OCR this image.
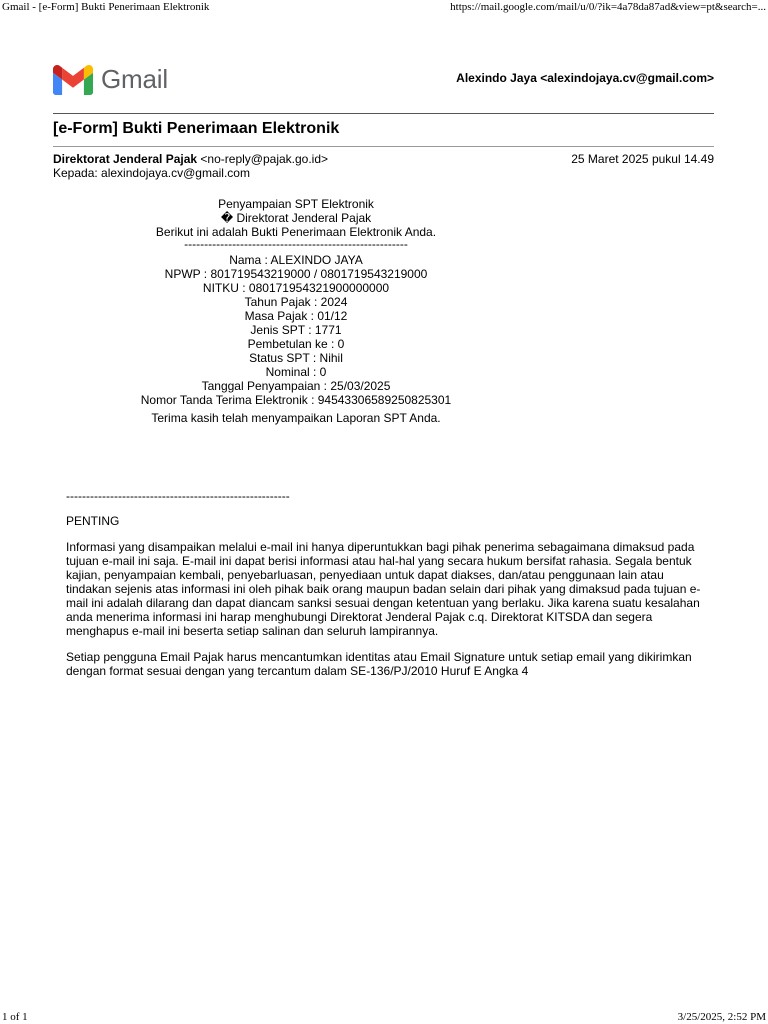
Gmail - [e-Form] Bukti Penerimaan Elektronik	https://mail.google.com/mail/u/0/?ik=4a78da87ad&view=pt&search=...
Gmail	Alexindo Jaya <alexindojaya.cv@gmail.com>
[e-Form] Bukti Penerimaan Elektronik
Direktorat Jenderal Pajak <no-reply@pajak.go.id>	25 Maret 2025 pukul 14.49
Kepada: alexindojaya.cv@gmail.com
Penyampaian SPT Elektronik
� Direktorat Jenderal Pajak
Berikut ini adalah Bukti Penerimaan Elektronik Anda.
--------------------------------------------------------
Nama : ALEXINDO JAYA
NPWP : 801719543219000 / 0801719543219000
NITKU : 080171954321900000000
Tahun Pajak : 2024
Masa Pajak : 01/12
Jenis SPT : 1771
Pembetulan ke : 0
Status SPT : Nihil
Nominal : 0
Tanggal Penyampaian : 25/03/2025
Nomor Tanda Terima Elektronik : 94543306589250825301
Terima kasih telah menyampaikan Laporan SPT Anda.

--------------------------------------------------------

PENTING

Informasi yang disampaikan melalui e-mail ini hanya diperuntukkan bagi pihak penerima sebagaimana dimaksud pada tujuan e-mail ini saja. E-mail ini dapat berisi informasi atau hal-hal yang secara hukum bersifat rahasia. Segala bentuk kajian, penyampaian kembali, penyebarluasan, penyediaan untuk dapat diakses, dan/atau penggunaan lain atau tindakan sejenis atas informasi ini oleh pihak baik orang maupun badan selain dari pihak yang dimaksud pada tujuan e-mail ini adalah dilarang dan dapat diancam sanksi sesuai dengan ketentuan yang berlaku. Jika karena suatu kesalahan anda menerima informasi ini harap menghubungi Direktorat Jenderal Pajak c.q. Direktorat KITSDA dan segera menghapus e-mail ini beserta setiap salinan dan seluruh lampirannya.

Setiap pengguna Email Pajak harus mencantumkan identitas atau Email Signature untuk setiap email yang dikirimkan dengan format sesuai dengan yang tercantum dalam SE-136/PJ/2010 Huruf E Angka 4

1 of 1	3/25/2025, 2:52 PM
